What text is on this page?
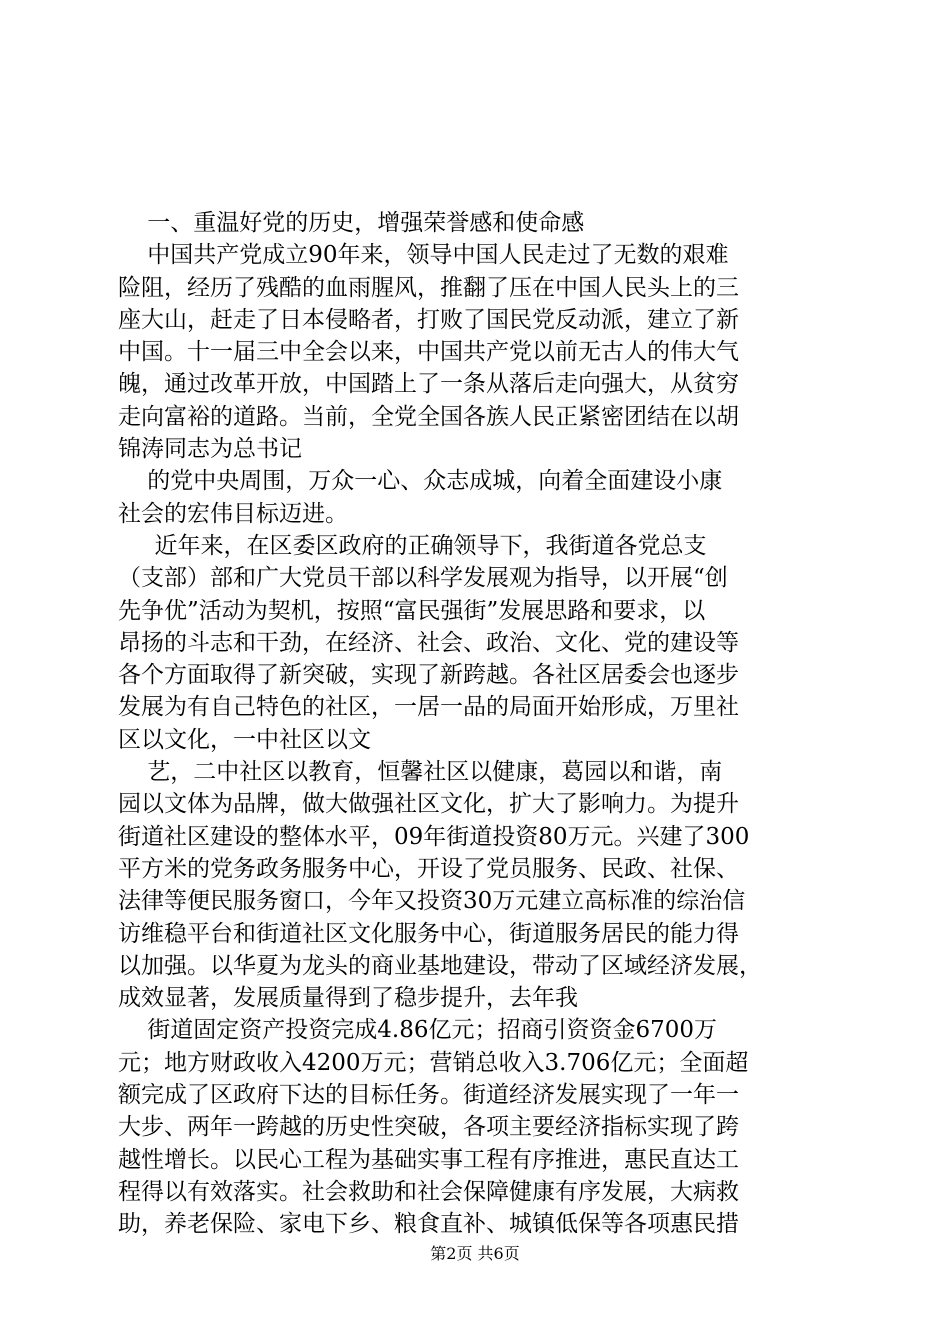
一、重温好党的历史，增强荣誉感和使命感
中国共产党成立90年来，领导中国人民走过了无数的艰难
险阻，经历了残酷的血雨腥风，推翻了压在中国人民头上的三
座大山，赶走了日本侵略者，打败了国民党反动派，建立了新
中国。十一届三中全会以来，中国共产党以前无古人的伟大气
魄，通过改革开放，中国踏上了一条从落后走向强大，从贫穷
走向富裕的道路。当前，全党全国各族人民正紧密团结在以胡
锦涛同志为总书记
的党中央周围，万众一心、众志成城，向着全面建设小康
社会的宏伟目标迈进。
近年来，在区委区政府的正确领导下，我街道各党总支
（支部）部和广大党员干部以科学发展观为指导，以开展“创
先争优”活动为契机，按照“富民强街”发展思路和要求，以
昂扬的斗志和干劲，在经济、社会、政治、文化、党的建设等
各个方面取得了新突破，实现了新跨越。各社区居委会也逐步
发展为有自己特色的社区，一居一品的局面开始形成，万里社
区以文化，一中社区以文
艺，二中社区以教育，恒馨社区以健康，葛园以和谐，南
园以文体为品牌，做大做强社区文化，扩大了影响力。为提升
街道社区建设的整体水平，09年街道投资80万元。兴建了300
平方米的党务政务服务中心，开设了党员服务、民政、社保、
法律等便民服务窗口，今年又投资30万元建立高标准的综治信
访维稳平台和街道社区文化服务中心，街道服务居民的能力得
以加强。以华夏为龙头的商业基地建设，带动了区域经济发展，
成效显著，发展质量得到了稳步提升，去年我
街道固定资产投资完成4.86亿元；招商引资资金6700万
元；地方财政收入4200万元；营销总收入3.706亿元；全面超
额完成了区政府下达的目标任务。街道经济发展实现了一年一
大步、两年一跨越的历史性突破，各项主要经济指标实现了跨
越性增长。以民心工程为基础实事工程有序推进，惠民直达工
程得以有效落实。社会救助和社会保障健康有序发展，大病救
助，养老保险、家电下乡、粮食直补、城镇低保等各项惠民措
第2页 共6页
